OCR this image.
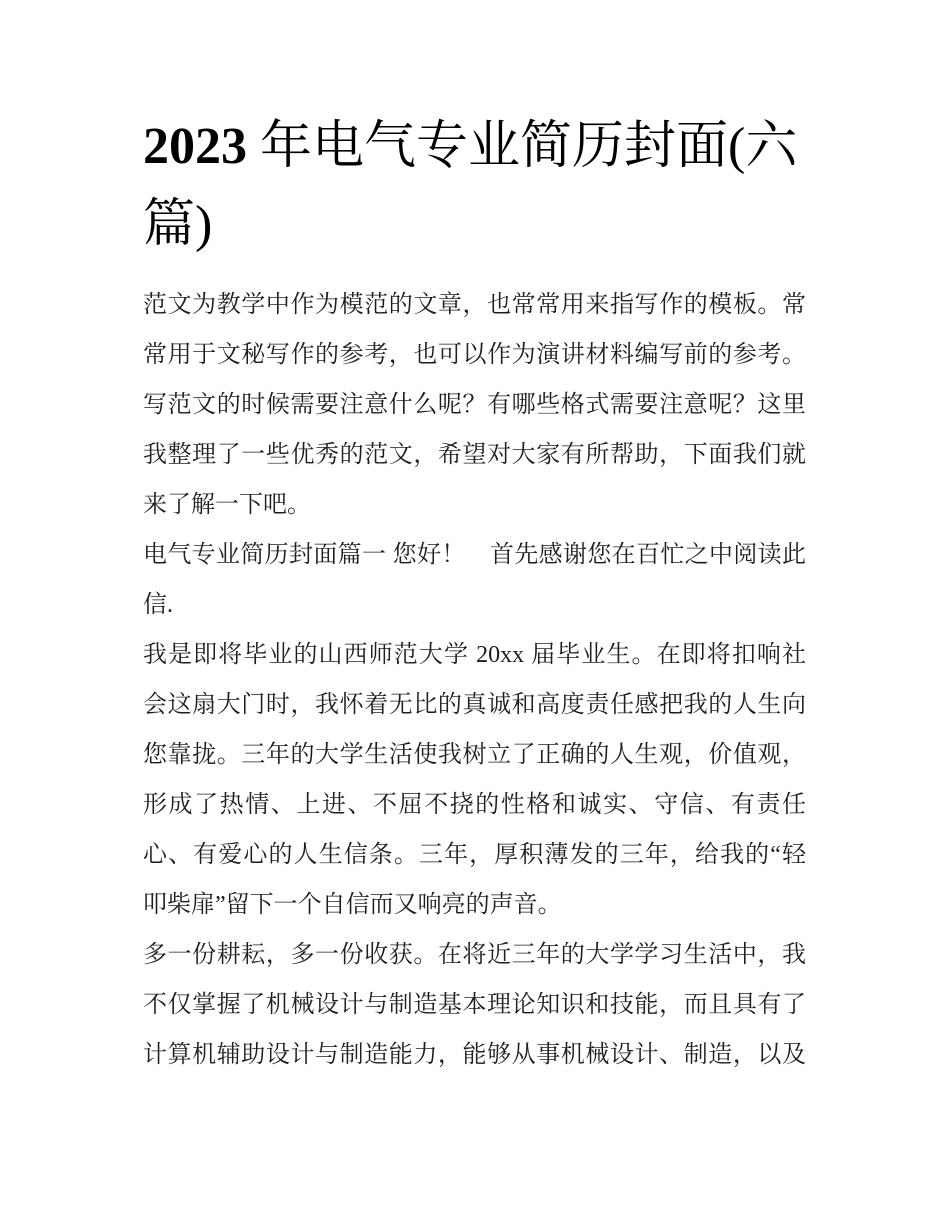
2023 年电气专业简历封面(六
篇)

范文为教学中作为模范的文章，也常常用来指写作的模板。常
常用于文秘写作的参考，也可以作为演讲材料编写前的参考。
写范文的时候需要注意什么呢？有哪些格式需要注意呢？这里
我整理了一些优秀的范文，希望对大家有所帮助，下面我们就
来了解一下吧。

电气专业简历封面篇一 您好！　首先感谢您在百忙之中阅读此
信.

我是即将毕业的山西师范大学 20xx 届毕业生。在即将扣响社
会这扇大门时，我怀着无比的真诚和高度责任感把我的人生向
您靠拢。三年的大学生活使我树立了正确的人生观，价值观，
形成了热情、上进、不屈不挠的性格和诚实、守信、有责任
心、有爱心的人生信条。三年，厚积薄发的三年，给我的“轻
叩柴扉”留下一个自信而又响亮的声音。

多一份耕耘，多一份收获。在将近三年的大学学习生活中，我
不仅掌握了机械设计与制造基本理论知识和技能，而且具有了
计算机辅助设计与制造能力，能够从事机械设计、制造，以及
